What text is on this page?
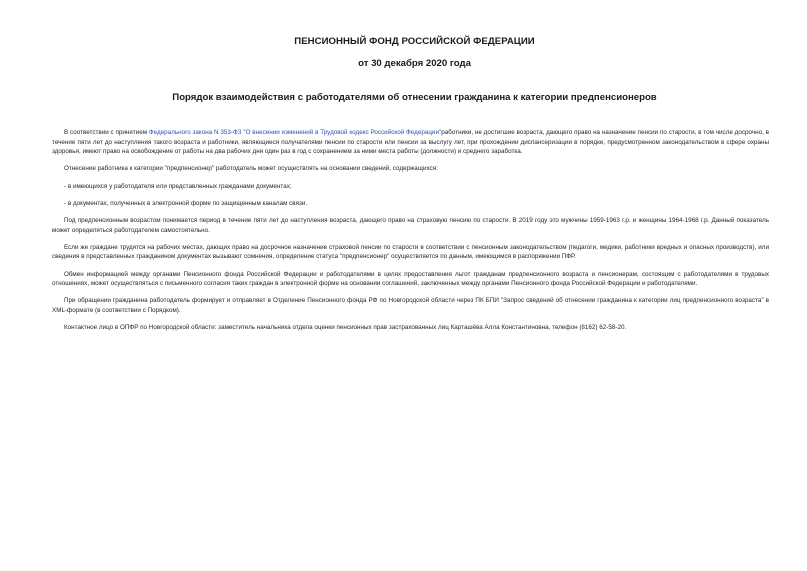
ПЕНСИОННЫЙ ФОНД РОССИЙСКОЙ ФЕДЕРАЦИИ

от 30 декабря 2020 года

Порядок взаимодействия с работодателями об отнесении гражданина к категории предпенсионеров

В соответствии с принятием Федерального закона N 353-ФЗ "О внесении изменений в Трудовой кодекс Российской Федерации"работники, не достигшие возраста, дающего право на назначение пенсии по старости, в том числе досрочно, в течение пяти лет до наступления такого возраста и работники, являющиеся получателями пенсии по старости или пенсии за выслугу лет, при прохождении диспансеризации в порядке, предусмотренном законодательством в сфере охраны здоровья, имеют право на освобождение от работы на два рабочих дня один раз в год с сохранением за ними места работы (должности) и среднего заработка.

Отнесение работника к категории "предпенсионер" работодатель может осуществлять на основании сведений, содержащихся:

- в имеющихся у работодателя или представленных гражданами документах;

- в документах, полученных в электронной форме по защищенным каналам связи.

Под предпенсионным возрастом понимается период в течение пяти лет до наступления возраста, дающего право на страховую пенсию по старости. В 2019 году это мужчины 1959-1963 г.р. и женщины 1964-1968 г.р. Данный показатель может определяться работодателем самостоятельно.

Если же граждане трудятся на рабочих местах, дающих право на досрочное назначение страховой пенсии по старости в соответствии с пенсионным законодательством (педагоги, медики, работники вредных и опасных производств), или сведения в представленных гражданином документах вызывают сомнения, определение статуса "предпенсионер" осуществляется по данным, имеющимся в распоряжении ПФР.

Обмен информацией между органами Пенсионного фонда Российской Федерации и работодателями в целях предоставления льгот гражданам предпенсионного возраста и пенсионерам, состоящим с работодателями в трудовых отношениях, может осуществляться с письменного согласия таких граждан в электронной форме на основании соглашений, заключенных между органами Пенсионного фонда Российской Федерации и работодателями.

При обращении гражданина работодатель формирует и отправляет в Отделение Пенсионного фонда РФ по Новгородской области через ПК БПИ "Запрос сведений об отнесении гражданина к категории лиц предпенсионного возраста" в XML-формате (в соответствии с Порядком).

Контактное лицо в ОПФР по Новгородской области: заместитель начальника отдела оценки пенсионных прав застрахованных лиц Карташёва Алла Константиновна, телефон (8162) 62-58-20.
